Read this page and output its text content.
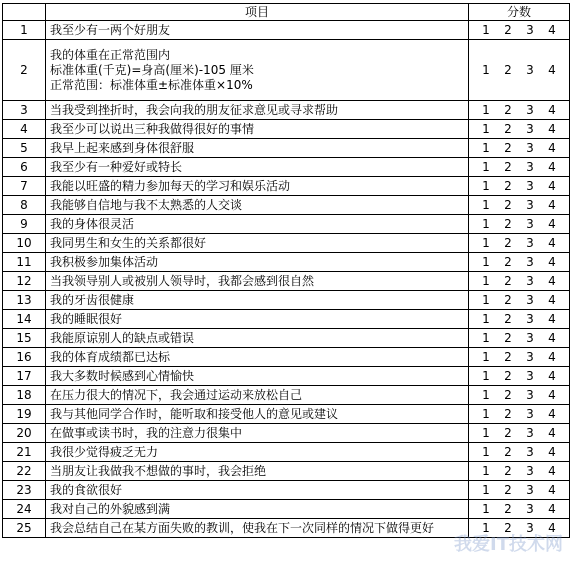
	项目	分数
1	我至少有一两个好朋友	1 2 3 4
2	我的体重在正常范围内
标准体重(千克)=身高(厘米)-105 厘米
正常范围：标准体重±标准体重×10%	1 2 3 4
3	当我受到挫折时，我会向我的朋友征求意见或寻求帮助	1 2 3 4
4	我至少可以说出三种我做得很好的事情	1 2 3 4
5	我早上起来感到身体很舒服	1 2 3 4
6	我至少有一种爱好或特长	1 2 3 4
7	我能以旺盛的精力参加每天的学习和娱乐活动	1 2 3 4
8	我能够自信地与我不太熟悉的人交谈	1 2 3 4
9	我的身体很灵活	1 2 3 4
10	我同男生和女生的关系都很好	1 2 3 4
11	我积极参加集体活动	1 2 3 4
12	当我领导别人或被别人领导时，我都会感到很自然	1 2 3 4
13	我的牙齿很健康	1 2 3 4
14	我的睡眠很好	1 2 3 4
15	我能原谅别人的缺点或错误	1 2 3 4
16	我的体育成绩都已达标	1 2 3 4
17	我大多数时候感到心情愉快	1 2 3 4
18	在压力很大的情况下，我会通过运动来放松自己	1 2 3 4
19	我与其他同学合作时，能听取和接受他人的意见或建议	1 2 3 4
20	在做事或读书时，我的注意力很集中	1 2 3 4
21	我很少觉得疲乏无力	1 2 3 4
22	当朋友让我做我不想做的事时，我会拒绝	1 2 3 4
23	我的食欲很好	1 2 3 4
24	我对自己的外貌感到满	1 2 3 4
25	我会总结自己在某方面失败的教训，使我在下一次同样的情况下做得更好	1 2 3 4
我爱IT技术网
